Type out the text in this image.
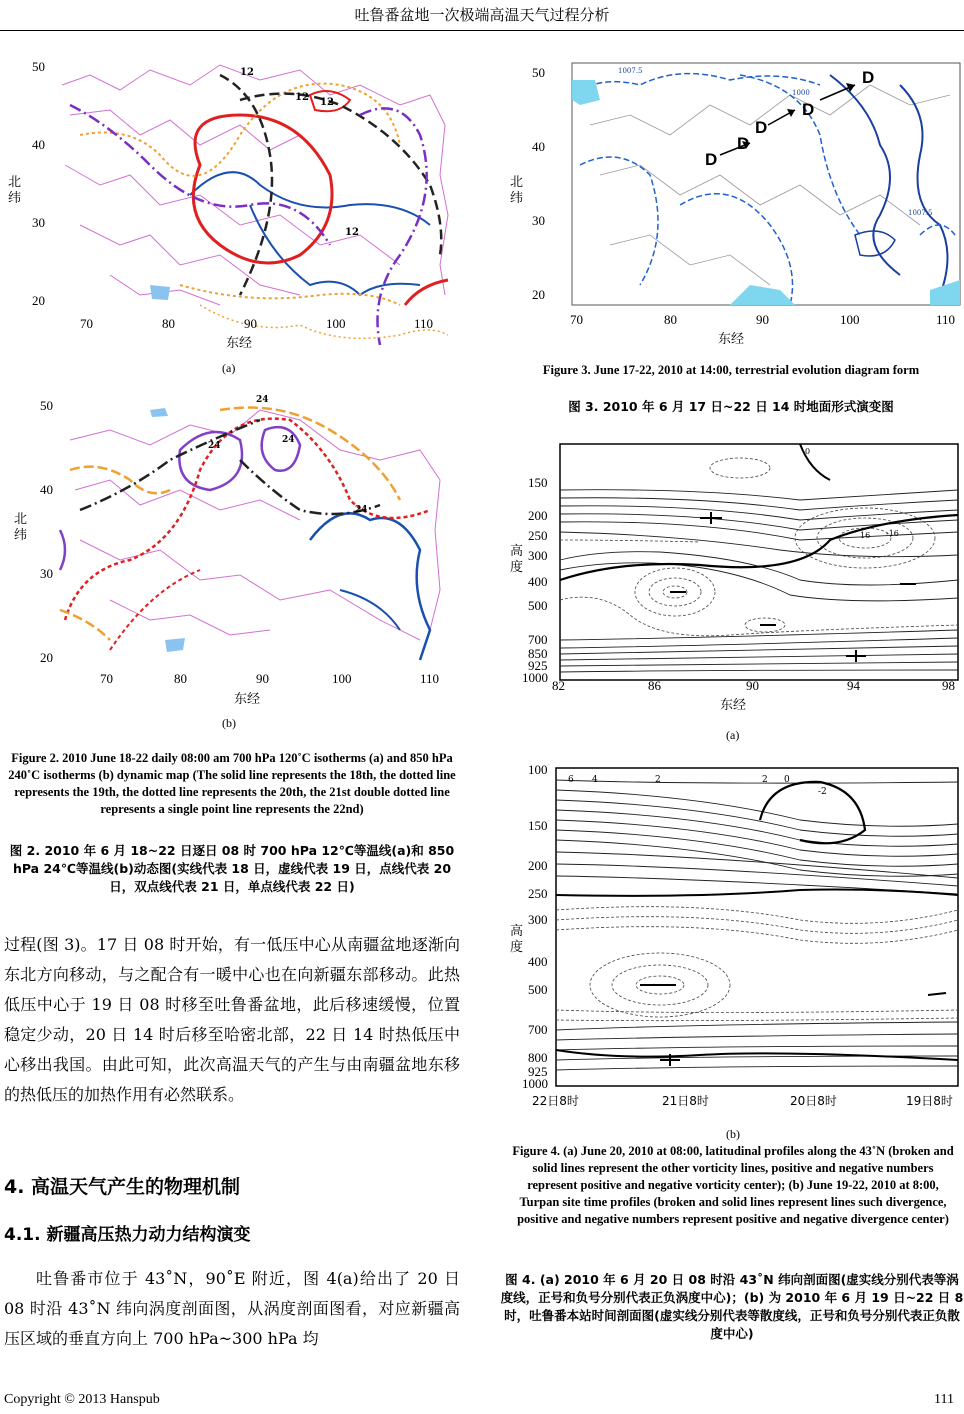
吐鲁番盆地一次极端高温天气过程分析
50
40
30
20
北纬
12
12 12
12
70	80	90	100	110
东经
(a)
50
40
30
20
北纬
24
24
24
24
70	80	90	100	110
东经
(b)
Figure 2. 2010 June 18-22 daily 08:00 am 700 hPa 120˚C isotherms (a) and 850 hPa 240˚C isotherms (b) dynamic map (The solid line represents the 18th, the dotted line represents the 19th, the dotted line represents the 20th, the 21st double dotted line represents a single point line represents the 22nd)
图 2. 2010 年 6 月 18~22 日逐日 08 时 700 hPa 12℃等温线(a)和 850 hPa 24℃等温线(b)动态图(实线代表 18 日，虚线代表 19 日，点线代表 20 日，双点线代表 21 日，单点线代表 22 日)
过程(图 3)。17 日 08 时开始，有一低压中心从南疆盆地逐渐向东北方向移动，与之配合有一暖中心也在向新疆东部移动。此热低压中心于 19 日 08 时移至吐鲁番盆地，此后移速缓慢，位置稳定少动，20 日 14 时后移至哈密北部，22 日 14 时热低压中心移出我国。由此可知，此次高温天气的产生与由南疆盆地东移的热低压的加热作用有必然联系。
4. 高温天气产生的物理机制
4.1. 新疆高压热力动力结构演变
吐鲁番市位于 43˚N，90˚E 附近，图 4(a)给出了 20 日 08 时沿 43˚N 纬向涡度剖面图，从涡度剖面图看，对应新疆高压区域的垂直方向上 700 hPa~300 hPa 均
50
40
30
20
北纬
D
D
D
D
D
1007.5
1000
1007.5
70	80	90	100	110
东经
Figure 3. June 17-22, 2010 at 14:00, terrestrial evolution diagram form
图 3. 2010 年 6 月 17 日~22 日 14 时地面形式演变图
150
200
250
300
400
500
700
850
925
1000
高度
-16
16
0
82	86	90	94	98
东经
(a)
100
150
200
250
300
400
500
700
800
925
1000
高度
6 4	2	2 0
-2
22日8时	21日8时	20日8时	19日8时
(b)
Figure 4. (a) June 20, 2010 at 08:00, latitudinal profiles along the 43˚N (broken and solid lines represent the other vorticity lines, positive and negative numbers represent positive and negative vorticity center); (b) June 19-22, 2010 at 8:00, Turpan site time profiles (broken and solid lines represent lines such divergence, positive and negative numbers represent positive and negative divergence center)
图 4. (a) 2010 年 6 月 20 日 08 时沿 43˚N 纬向剖面图(虚实线分别代表等涡度线，正号和负号分别代表正负涡度中心)；(b) 为 2010 年 6 月 19 日~22 日 8 时，吐鲁番本站时间剖面图(虚实线分别代表等散度线，正号和负号分别代表正负散度中心)
Copyright © 2013 Hanspub	111
